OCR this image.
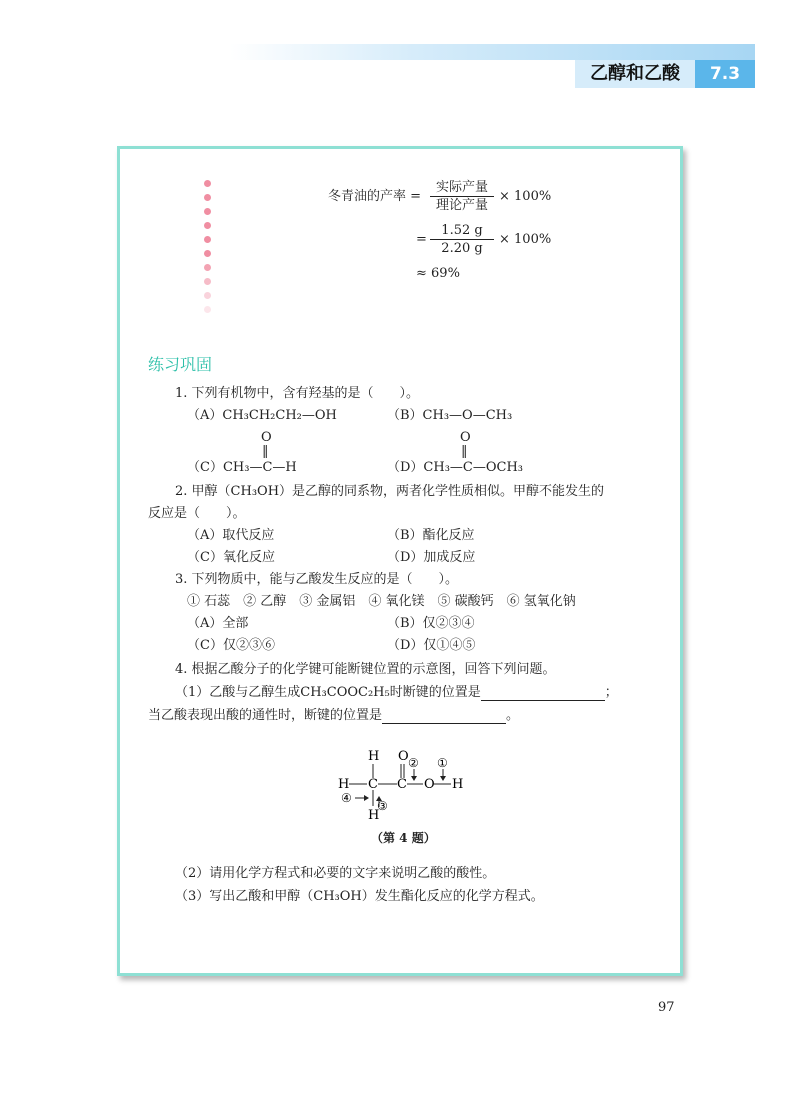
乙醇和乙酸	7.3
冬青油的产率 =
实际产量
理论产量
× 100%
= $\frac{1.52 g}{2.20 g} \times 100\%$
≈ 69%
练习巩固
1. 下列有机物中，含有羟基的是（　　）。
（A）CH₃CH₂CH₂—OH	（B）CH₃—O—CH₃
O
‖
（C）CH₃—C—H
O
‖
（D）CH₃—C—OCH₃
2. 甲醇（CH₃OH）是乙醇的同系物，两者化学性质相似。甲醇不能发生的
反应是（　　）。
（A）取代反应	（B）酯化反应
（C）氧化反应	（D）加成反应
3. 下列物质中，能与乙酸发生反应的是（　　）。
① 石蕊　② 乙醇　③ 金属铝　④ 氧化镁　⑤ 碳酸钙　⑥ 氢氧化钠
（A）全部	（B）仅②③④
（C）仅②③⑥	（D）仅①④⑤
4. 根据乙酸分子的化学键可能断键位置的示意图，回答下列问题。
（1）乙酸与乙醇生成CH₃COOC₂H₅时断键的位置是	；
当乙酸表现出酸的通性时，断键的位置是	。
H O ② ①
H C C O H
④
③
H
（第 4 题）
（2）请用化学方程式和必要的文字来说明乙酸的酸性。
（3）写出乙酸和甲醇（CH₃OH）发生酯化反应的化学方程式。
97
